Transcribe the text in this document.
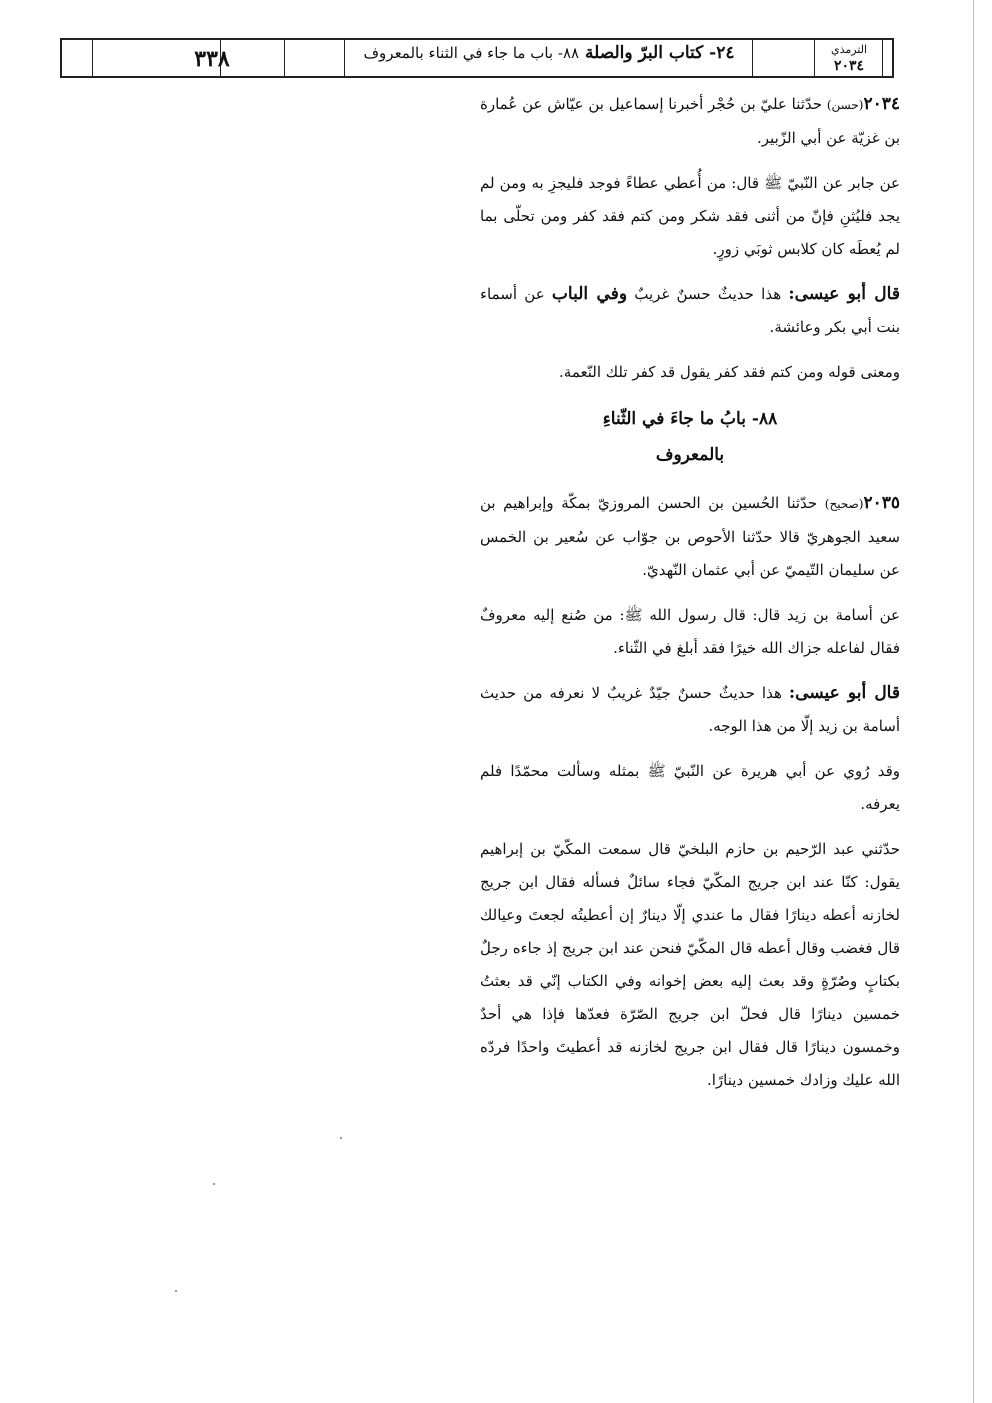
٣٣٨	٢٤- كتاب البرّ والصلة ٨٨- باب ما جاء في الثناء بالمعروف	الترمذي
٢٠٣٤

٢٠٣٤(حسن) حدّثنا عليّ بن حُجْر أخبرنا إسماعيل بن عيّاش عن عُمارة بن غزيّة عن أبي الزّبير.

عن جابر عن النّبيّ ﷺ قال: من أُعطي عطاءً فوجد فليجزِ به ومن لم يجد فليُثنِ فإنّ من أثنى فقد شكر ومن كتم فقد كفر ومن تحلّى بما لم يُعطَه كان كلابس ثوبَي زورٍ.

قال أبو عيسى: هذا حديثٌ حسنٌ غريبٌ وفي الباب عن أسماء بنت أبي بكر وعائشة.

ومعنى قوله ومن كتم فقد كفر يقول قد كفر تلك النّعمة.

٨٨- بابُ ما جاءَ في الثّناءِ
بالمعروف

٢٠٣٥(صحيح) حدّثنا الحُسين بن الحسن المروزيّ بمكّة وإبراهيم بن سعيد الجوهريّ قالا حدّثنا الأحوص بن جوّاب عن سُعير بن الخمس عن سليمان التّيميّ عن أبي عثمان النّهديّ.

عن أسامة بن زيد قال: قال رسول الله ﷺ: من صُنع إليه معروفٌ فقال لفاعله جزاك الله خيرًا فقد أبلغ في الثّناء.

قال أبو عيسى: هذا حديثٌ حسنٌ جيّدٌ غريبٌ لا نعرفه من حديث أسامة بن زيد إلّا من هذا الوجه.

وقد رُوي عن أبي هريرة عن النّبيّ ﷺ بمثله وسألت محمّدًا فلم يعرفه.

حدّثني عبد الرّحيم بن حازم البلخيّ قال سمعت المكّيّ بن إبراهيم يقول: كنّا عند ابن جريج المكّيّ فجاء سائلٌ فسأله فقال ابن جريج لخازنه أعطه دينارًا فقال ما عندي إلّا دينارٌ إن أعطيتُه لجعتَ وعيالك قال فغضب وقال أعطه قال المكّيّ فنحن عند ابن جريج إذ جاءه رجلٌ بكتابٍ وصُرّةٍ وقد بعث إليه بعض إخوانه وفي الكتاب إنّي قد بعثتُ خمسين دينارًا قال فحلّ ابن جريج الصّرّة فعدّها فإذا هي أحدٌ وخمسون دينارًا قال فقال ابن جريج لخازنه قد أعطيتَ واحدًا فردّه الله عليك وزادك خمسين دينارًا.
